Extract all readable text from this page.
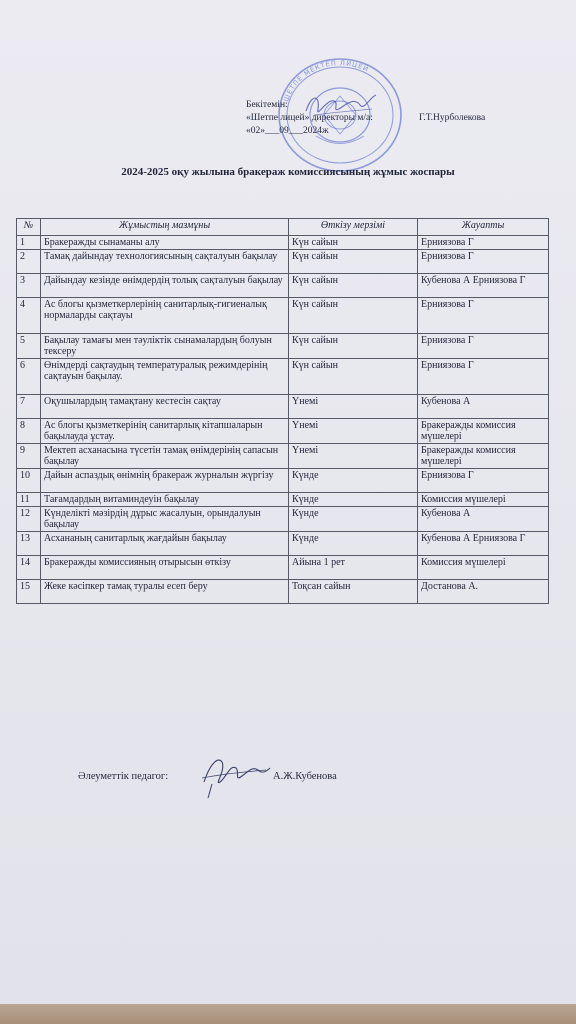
ШЕТПЕ МЕКТЕП ЛИЦЕЙ
Бекітемін:
«Шетпе лицей» директоры м/а:	Г.Т.Нурболекова
«02»___09___2024ж
2024-2025 оқу жылына бракераж комиссиясының жұмыс жоспары
№	Жұмыстың мазмұны	Өткізу мерзімі	Жауапты
1	Бракеражды сынаманы алу	Күн сайын	Ерниязова Г
2	Тамақ дайындау технологиясының сақталуын бақылау	Күн сайын	Ерниязова Г
3	Дайындау кезінде өнімдердің толық сақталуын бақылау	Күн сайын	Кубенова А Ерниязова Г
4	Ас блогы қызметкерлерінің санитарлық-гигиеналық нормаларды сақтауы	Күн сайын	Ерниязова Г
5	Бақылау тамағы мен тәуліктік сынамалардың болуын тексеру	Күн сайын	Ерниязова Г
6	Өнімдерді сақтаудың температуралық режимдерінің сақтауын бақылау.	Күн сайын	Ерниязова Г
7	Оқушылардың тамақтану кестесін сақтау	Үнемі	Кубенова А
8	Ас блогы қызметкерінің санитарлық кітапшаларын бақылауда ұстау.	Үнемі	Бракеражды комиссия мүшелері
9	Мектеп асханасына түсетін тамақ өнімдерінің сапасын бақылау	Үнемі	Бракеражды комиссия мүшелері
10	Дайын аспаздық өнімнің бракераж журналын жүргізу	Күнде	Ерниязова Г
11	Тағамдардың витаминдеуін бақылау	Күнде	Комиссия мүшелері
12	Күнделікті мәзірдің дұрыс жасалуын, орындалуын бақылау	Күнде	Кубенова А
13	Асхананың санитарлық жағдайын бақылау	Күнде	Кубенова А Ерниязова Г
14	Бракеражды комиссияның отырысын өткізу	Айына 1 рет	Комиссия мүшелері
15	Жеке кәсіпкер тамақ туралы есеп беру	Тоқсан сайын	Достанова А.
Әлеуметтік педагог:	А.Ж.Кубенова
